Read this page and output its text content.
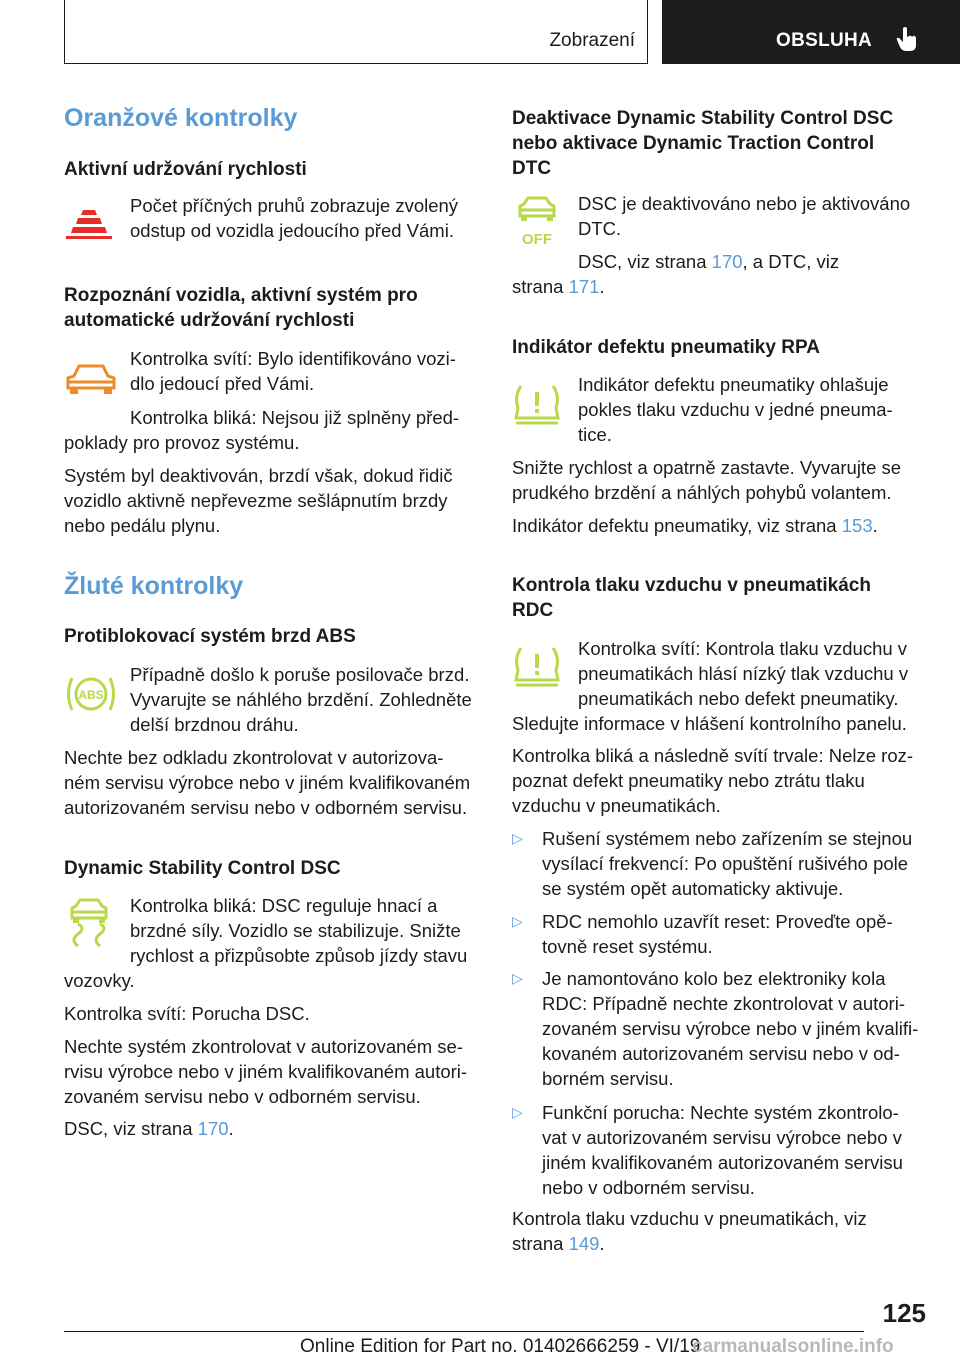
Zobrazení	OBSLUHA
Oranžové kontrolky
Aktivní udržování rychlosti
Počet příčných pruhů zobrazuje zvolený
odstup od vozidla jedoucího před Vámi.
Rozpoznání vozidla, aktivní systém pro
automatické udržování rychlosti
Kontrolka svítí: Bylo identifikováno vozi‐
dlo jedoucí před Vámi.
Kontrolka bliká: Nejsou již splněny před‐
poklady pro provoz systému.
Systém byl deaktivován, brzdí však, dokud řidič
vozidlo aktivně nepřevezme sešlápnutím brzdy
nebo pedálu plynu.
Žluté kontrolky
Protiblokovací systém brzd ABS
ABS
Případně došlo k poruše posilovače brzd.
Vyvarujte se náhlého brzdění. Zohledněte
delší brzdnou dráhu.
Nechte bez odkladu zkontrolovat v autorizova‐
ném servisu výrobce nebo v jiném kvalifikovaném
autorizovaném servisu nebo v odborném servisu.
Dynamic Stability Control DSC
Kontrolka bliká: DSC reguluje hnací a
brzdné síly. Vozidlo se stabilizuje. Snižte
rychlost a přizpůsobte způsob jízdy stavu
vozovky.
Kontrolka svítí: Porucha DSC.
Nechte systém zkontrolovat v autorizovaném se‐
rvisu výrobce nebo v jiném kvalifikovaném autori‐
zovaném servisu nebo v odborném servisu.
DSC, viz strana 170.
Deaktivace Dynamic Stability Control DSC
nebo aktivace Dynamic Traction Control
DTC
OFF
DSC je deaktivováno nebo je aktivováno
DTC.
DSC, viz strana 170, a DTC, viz
strana 171.
Indikátor defektu pneumatiky RPA
Indikátor defektu pneumatiky ohlašuje
pokles tlaku vzduchu v jedné pneuma‐
tice.
Snižte rychlost a opatrně zastavte. Vyvarujte se
prudkého brzdění a náhlých pohybů volantem.
Indikátor defektu pneumatiky, viz strana 153.
Kontrola tlaku vzduchu v pneumatikách
RDC
Kontrolka svítí: Kontrola tlaku vzduchu v
pneumatikách hlásí nízký tlak vzduchu v
pneumatikách nebo defekt pneumatiky.
Sledujte informace v hlášení kontrolního panelu.
Kontrolka bliká a následně svítí trvale: Nelze roz‐
poznat defekt pneumatiky nebo ztrátu tlaku
vzduchu v pneumatikách.
▷	Rušení systémem nebo zařízením se stejnou
vysílací frekvencí: Po opuštění rušivého pole
se systém opět automaticky aktivuje.
▷	RDC nemohlo uzavřít reset: Proveďte opě‐
tovně reset systému.
▷	Je namontováno kolo bez elektroniky kola
RDC: Případně nechte zkontrolovat v autori‐
zovaném servisu výrobce nebo v jiném kvalifi‐
kovaném autorizovaném servisu nebo v od‐
borném servisu.
▷	Funkční porucha: Nechte systém zkontrolo‐
vat v autorizovaném servisu výrobce nebo v
jiném kvalifikovaném autorizovaném servisu
nebo v odborném servisu.
Kontrola tlaku vzduchu v pneumatikách, viz
strana 149.
125
Online Edition for Part no. 01402666259 - VI/19
carmanualsonline.info
